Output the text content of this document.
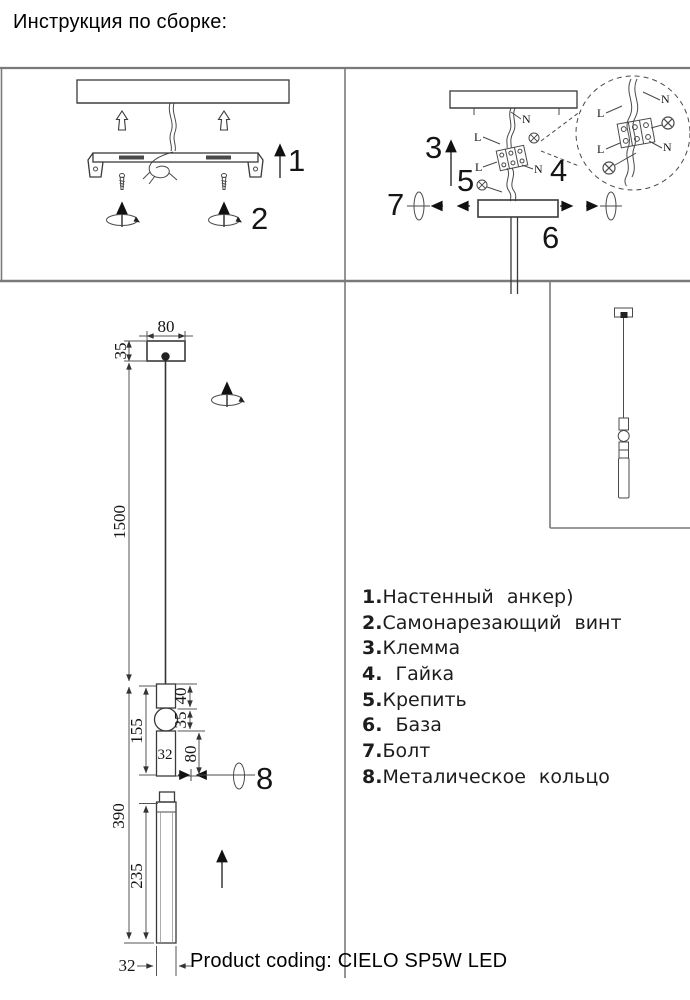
Инструкция по сборке:
1
2
N
L
L	N
3
4
5
6
7
L
N
L	N
80
35
1500
32
40
35
80
155
8
390
235
32
1.Настенный анкер)
2.Самонарезающий винт
3.Клемма
4. Гайка
5.Крепить
6. База
7.Болт
8.Металическое кольцо
Product coding: CIELO SP5W LED
